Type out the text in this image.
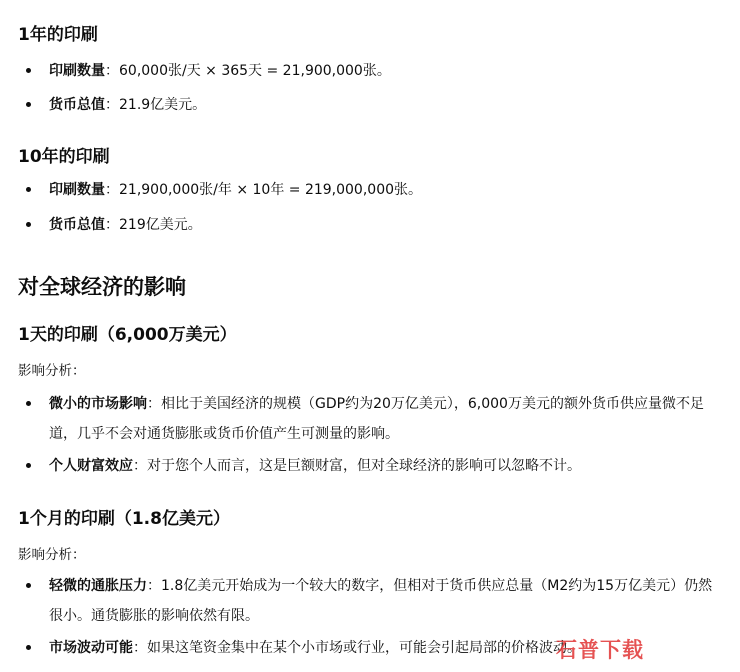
1年的印刷
印刷数量：60,000张/天 × 365天 = 21,900,000张。
货币总值：21.9亿美元。
10年的印刷
印刷数量：21,900,000张/年 × 10年 = 219,000,000张。
货币总值：219亿美元。
对全球经济的影响
1天的印刷（6,000万美元）
影响分析：
微小的市场影响：相比于美国经济的规模（GDP约为20万亿美元），6,000万美元的额外货币供应量微不足道，几乎不会对通货膨胀或货币价值产生可测量的影响。
个人财富效应：对于您个人而言，这是巨额财富，但对全球经济的影响可以忽略不计。
1个月的印刷（1.8亿美元）
影响分析：
轻微的通胀压力：1.8亿美元开始成为一个较大的数字，但相对于货币供应总量（M2约为15万亿美元）仍然很小。通货膨胀的影响依然有限。
市场波动可能：如果这笔资金集中在某个小市场或行业，可能会引起局部的价格波动。
石普下载
